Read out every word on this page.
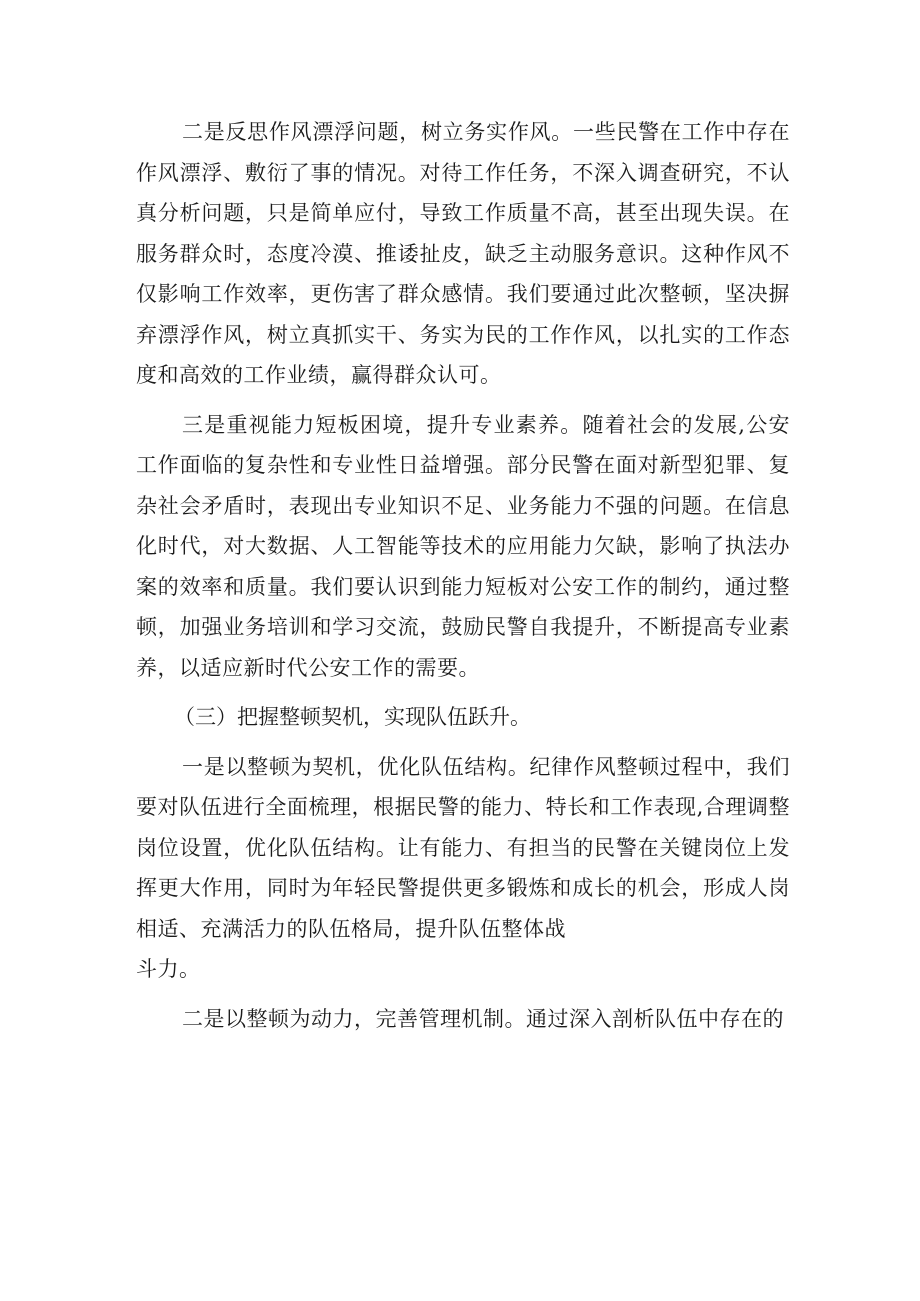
二是反思作风漂浮问题，树立务实作风。一些民警在工作中存在作风漂浮、敷衍了事的情况。对待工作任务，不深入调查研究，不认真分析问题，只是简单应付，导致工作质量不高，甚至出现失误。在服务群众时，态度冷漠、推诿扯皮，缺乏主动服务意识。这种作风不仅影响工作效率，更伤害了群众感情。我们要通过此次整顿，坚决摒弃漂浮作风，树立真抓实干、务实为民的工作作风，以扎实的工作态度和高效的工作业绩，赢得群众认可。

三是重视能力短板困境，提升专业素养。随着社会的发展,公安工作面临的复杂性和专业性日益增强。部分民警在面对新型犯罪、复杂社会矛盾时，表现出专业知识不足、业务能力不强的问题。在信息化时代，对大数据、人工智能等技术的应用能力欠缺，影响了执法办案的效率和质量。我们要认识到能力短板对公安工作的制约，通过整顿，加强业务培训和学习交流，鼓励民警自我提升，不断提高专业素养，以适应新时代公安工作的需要。

（三）把握整顿契机，实现队伍跃升。

一是以整顿为契机，优化队伍结构。纪律作风整顿过程中，我们要对队伍进行全面梳理，根据民警的能力、特长和工作表现,合理调整岗位设置，优化队伍结构。让有能力、有担当的民警在关键岗位上发挥更大作用，同时为年轻民警提供更多锻炼和成长的机会，形成人岗相适、充满活力的队伍格局，提升队伍整体战
斗力。

二是以整顿为动力，完善管理机制。通过深入剖析队伍中存在的
